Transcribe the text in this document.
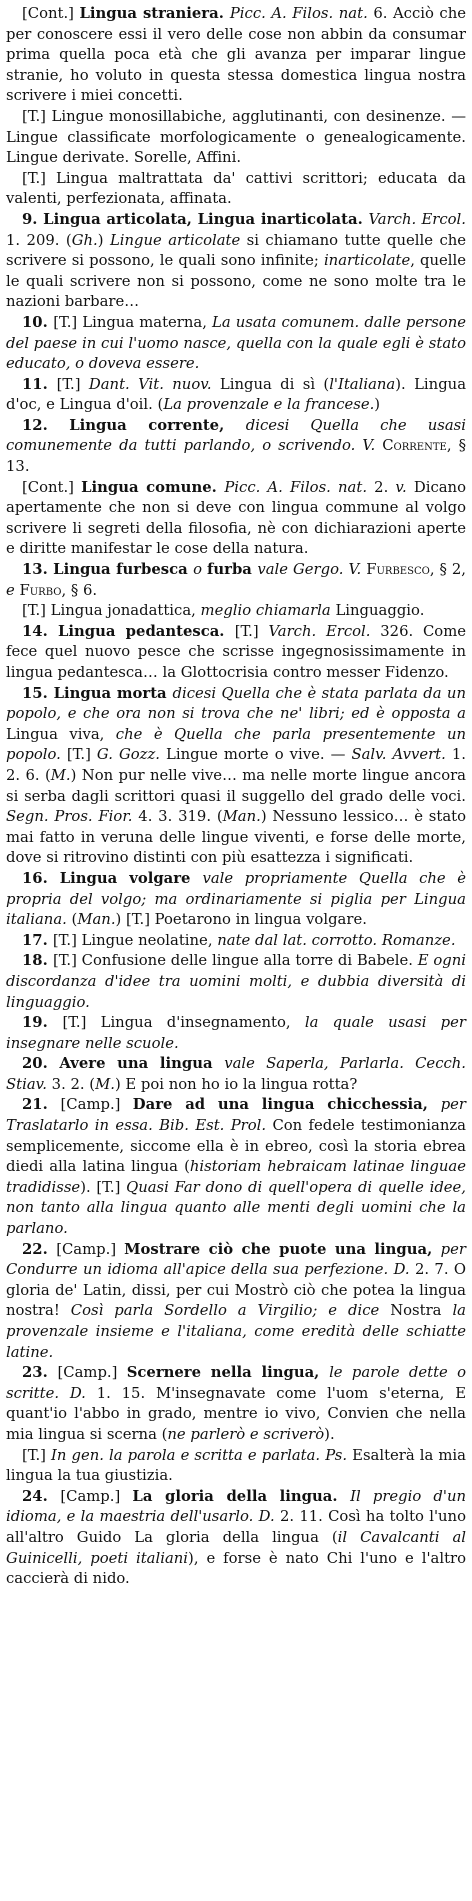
[Cont.] Lingua straniera. Picc. A. Filos. nat. 6. Acciò che per conoscere essi il vero delle cose non abbin da consumar prima quella poca età che gli avanza per imparar lingue stranie, ho voluto in questa stessa domestica lingua nostra scrivere i miei concetti.

[T.] Lingue monosillabiche, agglutinanti, con desinenze. — Lingue classificate morfologicamente o genealogicamente. Lingue derivate. Sorelle, Affini.

[T.] Lingua maltrattata da' cattivi scrittori; educata da valenti, perfezionata, affinata.

9. Lingua articolata, Lingua inarticolata. Varch. Ercol. 1. 209. (Gh.) Lingue articolate si chiamano tutte quelle che scrivere si possono, le quali sono infinite; inarticolate, quelle le quali scrivere non si possono, come ne sono molte tra le nazioni barbare…

10. [T.] Lingua materna, La usata comunem. dalle persone del paese in cui l'uomo nasce, quella con la quale egli è stato educato, o doveva essere.

11. [T.] Dant. Vit. nuov. Lingua di sì (l'Italiana). Lingua d'oc, e Lingua d'oil. (La provenzale e la francese.)

12. Lingua corrente, dicesi Quella che usasi comunemente da tutti parlando, o scrivendo. V. Corrente, § 13.

[Cont.] Lingua comune. Picc. A. Filos. nat. 2. v. Dicano apertamente che non si deve con lingua commune al volgo scrivere li segreti della filosofia, nè con dichiarazioni aperte e diritte manifestar le cose della natura.

13. Lingua furbesca o furba vale Gergo. V. Furbesco, § 2, e Furbo, § 6.

[T.] Lingua jonadattica, meglio chiamarla Linguaggio.

14. Lingua pedantesca. [T.] Varch. Ercol. 326. Come fece quel nuovo pesce che scrisse ingegnosissimamente in lingua pedantesca… la Glottocrisia contro messer Fidenzo.

15. Lingua morta dicesi Quella che è stata parlata da un popolo, e che ora non si trova che ne' libri; ed è opposta a Lingua viva, che è Quella che parla presentemente un popolo. [T.] G. Gozz. Lingue morte o vive. — Salv. Avvert. 1. 2. 6. (M.) Non pur nelle vive… ma nelle morte lingue ancora si serba dagli scrittori quasi il suggello del grado delle voci. Segn. Pros. Fior. 4. 3. 319. (Man.) Nessuno lessico… è stato mai fatto in veruna delle lingue viventi, e forse delle morte, dove si ritrovino distinti con più esattezza i significati.

16. Lingua volgare vale propriamente Quella che è propria del volgo; ma ordinariamente si piglia per Lingua italiana. (Man.) [T.] Poetarono in lingua volgare.

17. [T.] Lingue neolatine, nate dal lat. corrotto. Romanze.

18. [T.] Confusione delle lingue alla torre di Babele. E ogni discordanza d'idee tra uomini molti, e dubbia diversità di linguaggio.

19. [T.] Lingua d'insegnamento, la quale usasi per insegnare nelle scuole.

20. Avere una lingua vale Saperla, Parlarla. Cecch. Stiav. 3. 2. (M.) E poi non ho io la lingua rotta?

21. [Camp.] Dare ad una lingua chicchessia, per Traslatarlo in essa. Bib. Est. Prol. Con fedele testimonianza semplicemente, siccome ella è in ebreo, così la storia ebrea diedi alla latina lingua (historiam hebraicam latinae linguae tradidisse). [T.] Quasi Far dono di quell'opera di quelle idee, non tanto alla lingua quanto alle menti degli uomini che la parlano.

22. [Camp.] Mostrare ciò che puote una lingua, per Condurre un idioma all'apice della sua perfezione. D. 2. 7. O gloria de' Latin, dissi, per cui Mostrò ciò che potea la lingua nostra! Così parla Sordello a Virgilio; e dice Nostra la provenzale insieme e l'italiana, come eredità delle schiatte latine.

23. [Camp.] Scernere nella lingua, le parole dette o scritte. D. 1. 15. M'insegnavate come l'uom s'eterna, E quant'io l'abbo in grado, mentre io vivo, Convien che nella mia lingua si scerna (ne parlerò e scriverò).

[T.] In gen. la parola e scritta e parlata. Ps. Esalterà la mia lingua la tua giustizia.

24. [Camp.] La gloria della lingua. Il pregio d'un idioma, e la maestria dell'usarlo. D. 2. 11. Così ha tolto l'uno all'altro Guido La gloria della lingua (il Cavalcanti al Guinicelli, poeti italiani), e forse è nato Chi l'uno e l'altro caccierà di nido.
